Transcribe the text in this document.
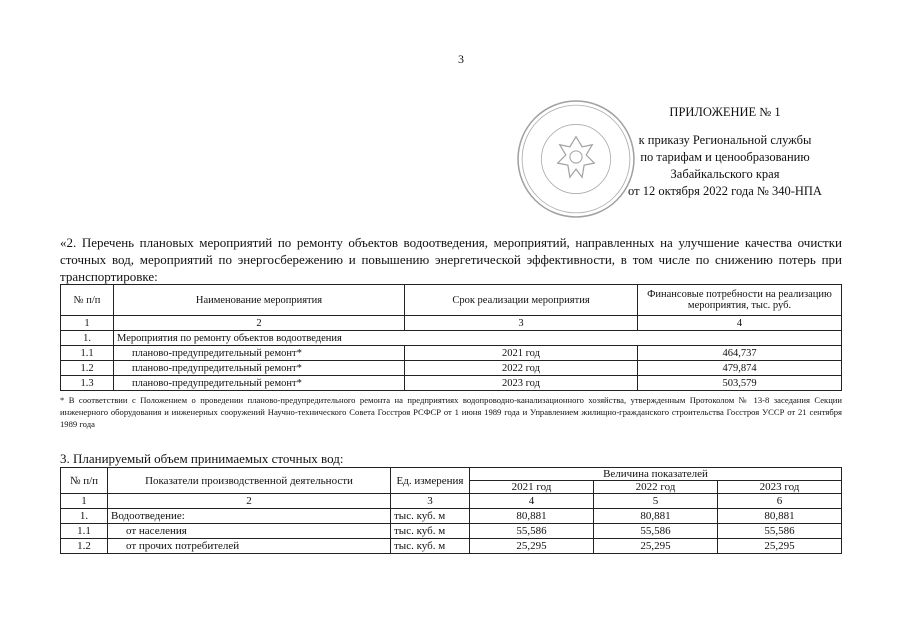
3
ПРИЛОЖЕНИЕ № 1
к приказу Региональной службы
по тарифам и ценообразованию
Забайкальского края
от 12 октября 2022 года № 340-НПА
«2. Перечень плановых мероприятий по ремонту объектов водоотведения, мероприятий, направленных на улучшение качества очистки сточных вод, мероприятий по энергосбережению и повышению энергетической эффективности, в том числе по снижению потерь при транспортировке:
№ п/п	Наименование мероприятия	Срок реализации мероприятия	Финансовые потребности на реализацию мероприятия, тыс. руб.
1	2	3	4
1.	Мероприятия по ремонту объектов водоотведения		
1.1	планово-предупредительный ремонт*	2021 год	464,737
1.2	планово-предупредительный ремонт*	2022 год	479,874
1.3	планово-предупредительный ремонт*	2023 год	503,579
* В соответствии с Положением о проведении планово-предупредительного ремонта на предприятиях водопроводно-канализационного хозяйства, утвержденным Протоколом № 13-8 заседания Секции инженерного оборудования и инженерных сооружений Научно-технического Совета Госстроя РСФСР от 1 июня 1989 года и Управлением жилищно-гражданского строительства Госстроя УССР от 21 сентября 1989 года
3. Планируемый объем принимаемых сточных вод:
№ п/п	Показатели производственной деятельности	Ед. измерения	Величина показателей		
			2021 год	2022 год	2023 год
1	2	3	4	5	6
1.	Водоотведение:	тыс. куб. м	80,881	80,881	80,881
1.1	от населения	тыс. куб. м	55,586	55,586	55,586
1.2	от прочих потребителей	тыс. куб. м	25,295	25,295	25,295
